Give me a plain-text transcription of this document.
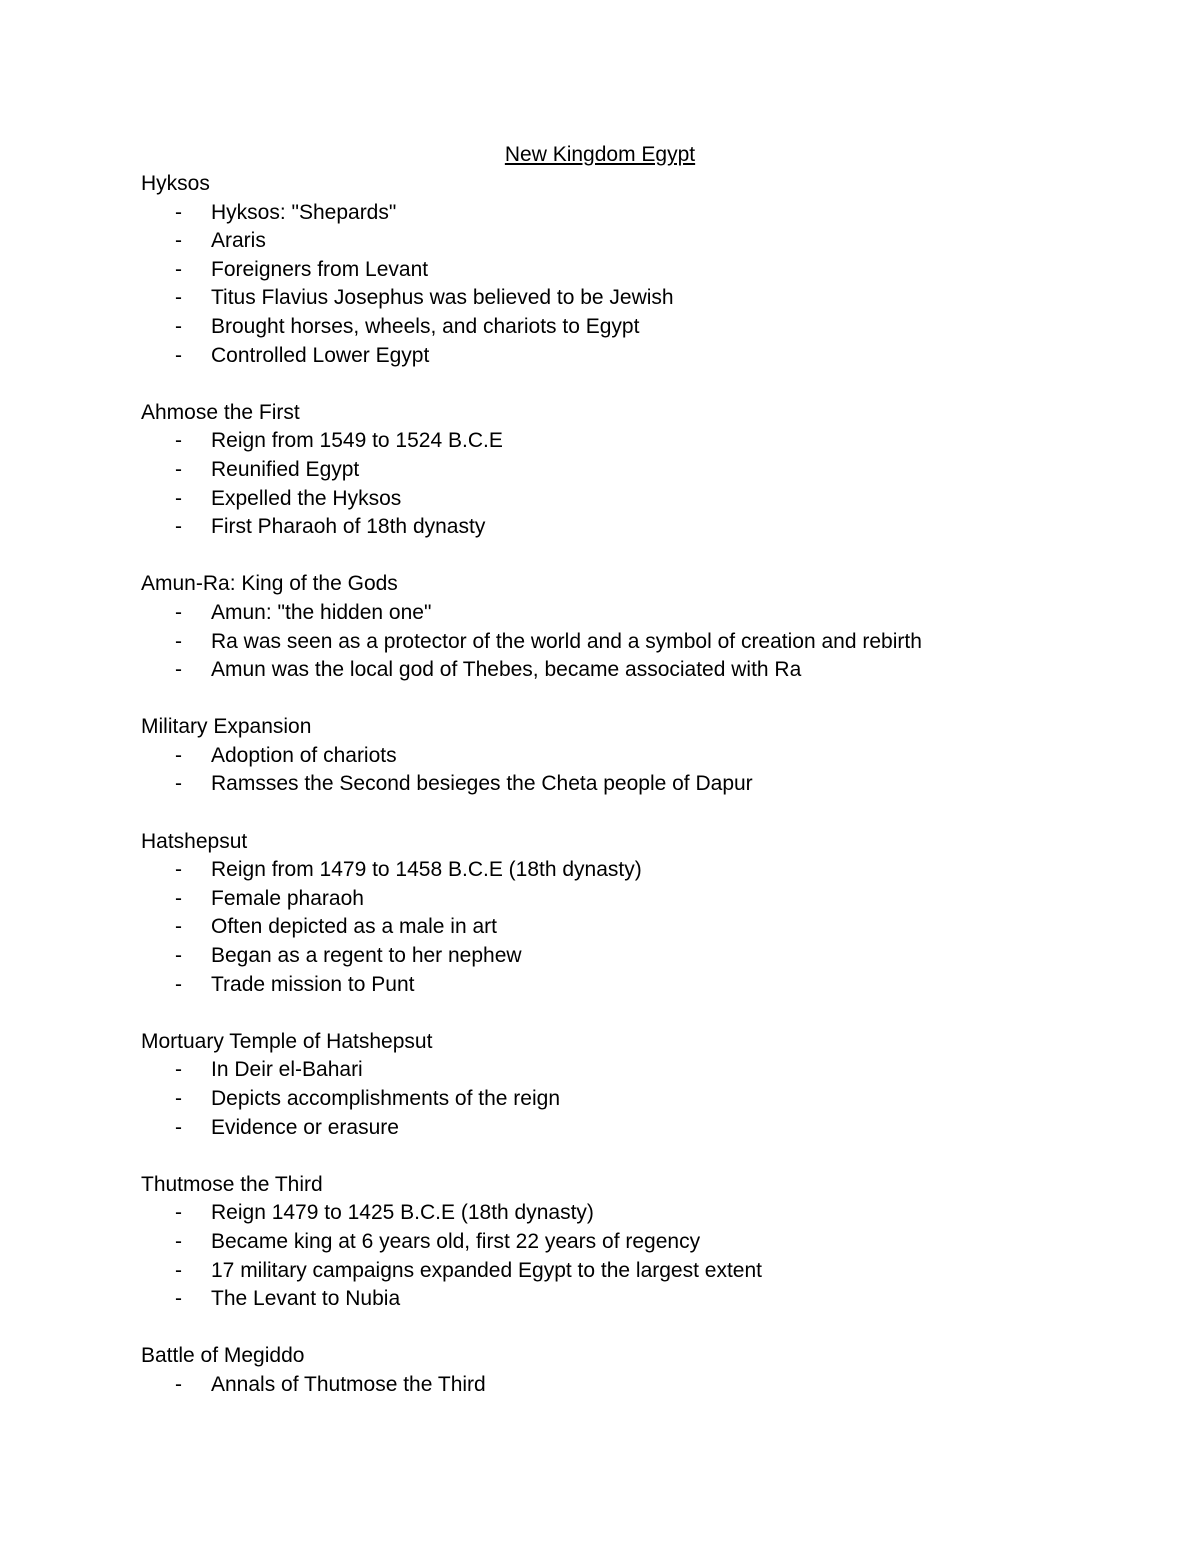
New Kingdom Egypt
Hyksos
- Hyksos: "Shepards"
- Araris
- Foreigners from Levant
- Titus Flavius Josephus was believed to be Jewish
- Brought horses, wheels, and chariots to Egypt
- Controlled Lower Egypt
Ahmose the First
- Reign from 1549 to 1524 B.C.E
- Reunified Egypt
- Expelled the Hyksos
- First Pharaoh of 18th dynasty
Amun-Ra: King of the Gods
- Amun: "the hidden one"
- Ra was seen as a protector of the world and a symbol of creation and rebirth
- Amun was the local god of Thebes, became associated with Ra
Military Expansion
- Adoption of chariots
- Ramsses the Second besieges the Cheta people of Dapur
Hatshepsut
- Reign from 1479 to 1458 B.C.E (18th dynasty)
- Female pharaoh
- Often depicted as a male in art
- Began as a regent to her nephew
- Trade mission to Punt
Mortuary Temple of Hatshepsut
- In Deir el-Bahari
- Depicts accomplishments of the reign
- Evidence or erasure
Thutmose the Third
- Reign 1479 to 1425 B.C.E (18th dynasty)
- Became king at 6 years old, first 22 years of regency
- 17 military campaigns expanded Egypt to the largest extent
- The Levant to Nubia
Battle of Megiddo
- Annals of Thutmose the Third
